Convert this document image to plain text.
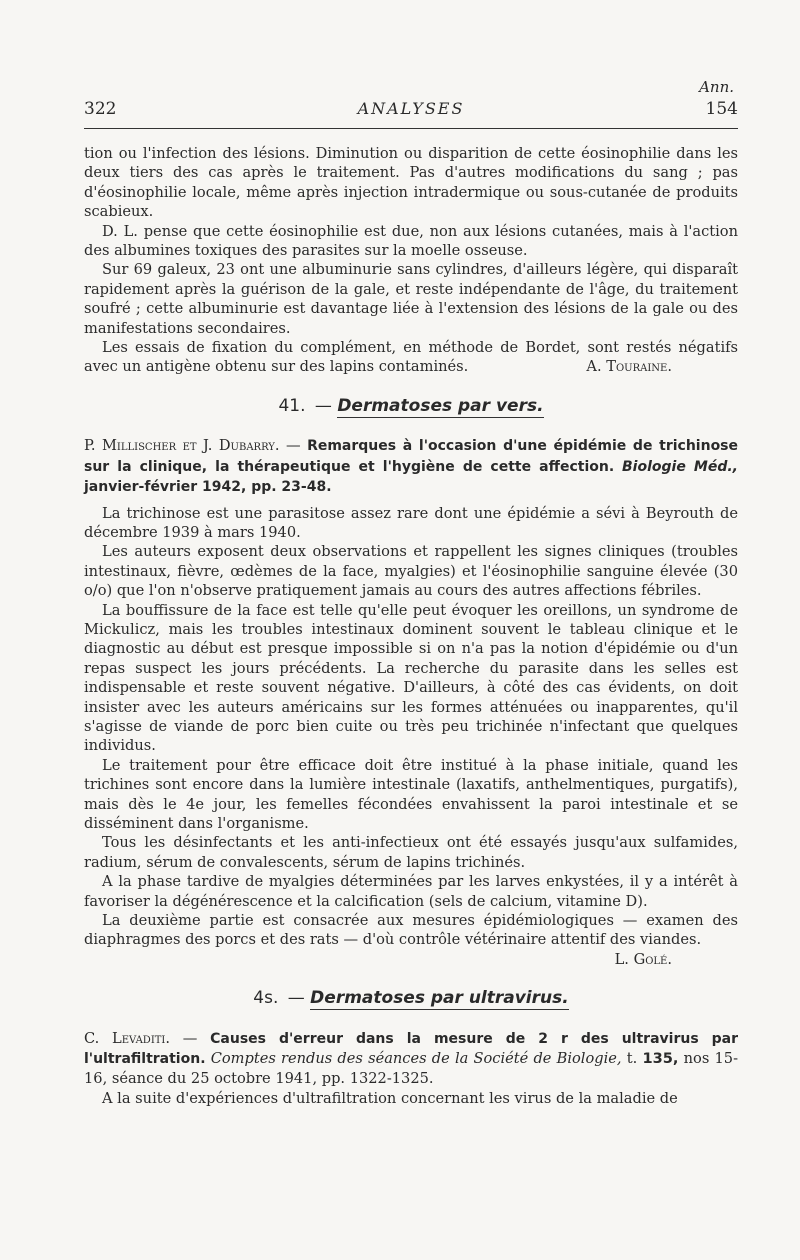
Ann.
322	ANALYSES	154

tion ou l'infection des lésions. Diminution ou disparition de cette éosinophilie dans les deux tiers des cas après le traitement. Pas d'autres modifications du sang ; pas d'éosinophilie locale, même après injection intradermique ou sous-cutanée de produits scabieux.

D. L. pense que cette éosinophilie est due, non aux lésions cutanées, mais à l'action des albumines toxiques des parasites sur la moelle osseuse.

Sur 69 galeux, 23 ont une albuminurie sans cylindres, d'ailleurs légère, qui disparaît rapidement après la guérison de la gale, et reste indépendante de l'âge, du traitement soufré ; cette albuminurie est davantage liée à l'extension des lésions de la gale ou des manifestations secondaires.

Les essais de fixation du complément, en méthode de Bordet, sont restés négatifs avec un antigène obtenu sur des lapins contaminés.	A. Touraine.

41. — Dermatoses par vers.

P. Millischer et J. Dubarry. — Remarques à l'occasion d'une épidémie de trichinose sur la clinique, la thérapeutique et l'hygiène de cette affection. Biologie Méd., janvier-février 1942, pp. 23-48.

La trichinose est une parasitose assez rare dont une épidémie a sévi à Beyrouth de décembre 1939 à mars 1940.

Les auteurs exposent deux observations et rappellent les signes cliniques (troubles intestinaux, fièvre, œdèmes de la face, myalgies) et l'éosinophilie sanguine élevée (30 o/o) que l'on n'observe pratiquement jamais au cours des autres affections fébriles.

La bouffissure de la face est telle qu'elle peut évoquer les oreillons, un syndrome de Mickulicz, mais les troubles intestinaux dominent souvent le tableau clinique et le diagnostic au début est presque impossible si on n'a pas la notion d'épidémie ou d'un repas suspect les jours précédents. La recherche du parasite dans les selles est indispensable et reste souvent négative. D'ailleurs, à côté des cas évidents, on doit insister avec les auteurs américains sur les formes atténuées ou inapparentes, qu'il s'agisse de viande de porc bien cuite ou très peu trichinée n'infectant que quelques individus.

Le traitement pour être efficace doit être institué à la phase initiale, quand les trichines sont encore dans la lumière intestinale (laxatifs, anthelmentiques, purgatifs), mais dès le 4e jour, les femelles fécondées envahissent la paroi intestinale et se disséminent dans l'organisme.

Tous les désinfectants et les anti-infectieux ont été essayés jusqu'aux sulfamides, radium, sérum de convalescents, sérum de lapins trichinés.

A la phase tardive de myalgies déterminées par les larves enkystées, il y a intérêt à favoriser la dégénérescence et la calcification (sels de calcium, vitamine D).

La deuxième partie est consacrée aux mesures épidémiologiques — examen des diaphragmes des porcs et des rats — d'où contrôle vétérinaire attentif des viandes.

L. Golé.
4s. — Dermatoses par ultravirus.

C. Levaditi. — Causes d'erreur dans la mesure de 2 r des ultravirus par l'ultrafiltration. Comptes rendus des séances de la Société de Biologie, t. 135, nos 15-16, séance du 25 octobre 1941, pp. 1322-1325.

A la suite d'expériences d'ultrafiltration concernant les virus de la maladie de
